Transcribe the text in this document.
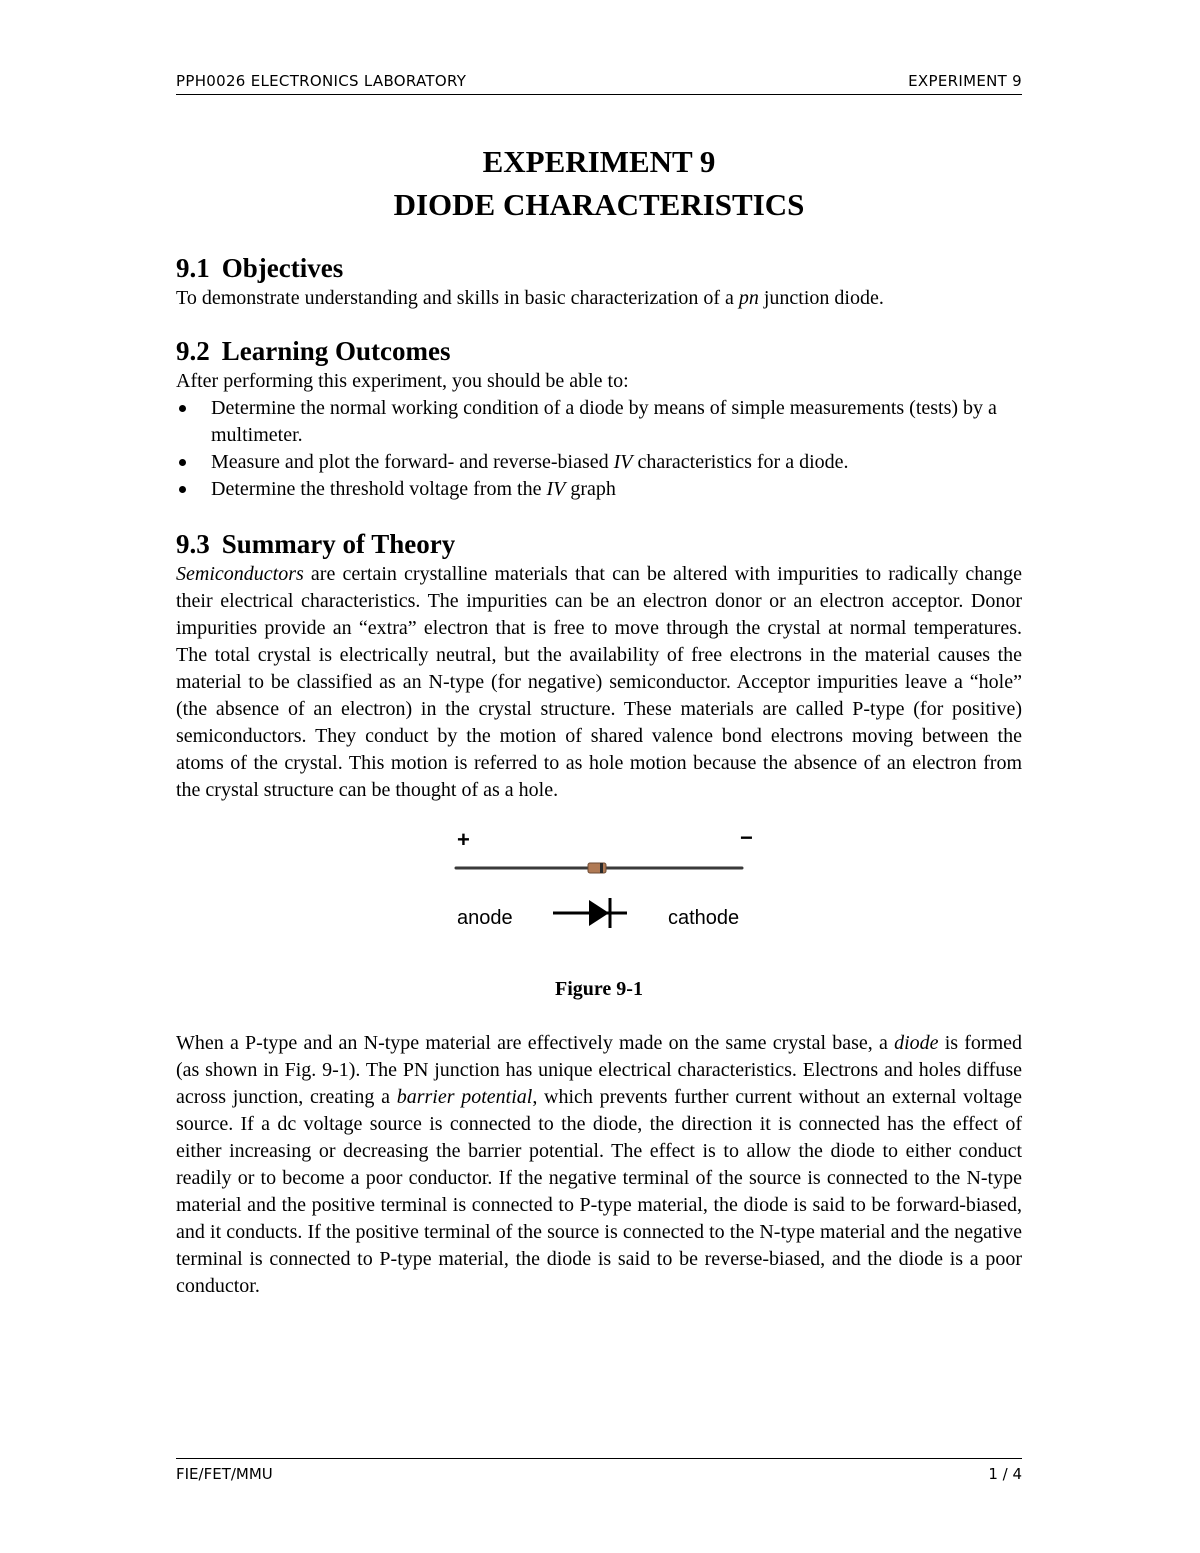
PPH0026 ELECTRONICS LABORATORY	EXPERIMENT 9
EXPERIMENT 9
DIODE CHARACTERISTICS
9.1 Objectives

To demonstrate understanding and skills in basic characterization of a pn junction diode.

9.2 Learning Outcomes

After performing this experiment, you should be able to:

Determine the normal working condition of a diode by means of simple measurements (tests) by a multimeter.
Measure and plot the forward- and reverse-biased IV characteristics for a diode.
Determine the threshold voltage from the IV graph
9.3 Summary of Theory

Semiconductors are certain crystalline materials that can be altered with impurities to radically change their electrical characteristics. The impurities can be an electron donor or an electron acceptor. Donor impurities provide an “extra” electron that is free to move through the crystal at normal temperatures. The total crystal is electrically neutral, but the availability of free electrons in the material causes the material to be classified as an N-type (for negative) semiconductor. Acceptor impurities leave a “hole” (the absence of an electron) in the crystal structure. These materials are called P-type (for positive) semiconductors. They conduct by the motion of shared valence bond electrons moving between the atoms of the crystal. This motion is referred to as hole motion because the absence of an electron from the crystal structure can be thought of as a hole.

+	−
anode	cathode
Figure 9-1

When a P-type and an N-type material are effectively made on the same crystal base, a diode is formed (as shown in Fig. 9-1). The PN junction has unique electrical characteristics. Electrons and holes diffuse across junction, creating a barrier potential, which prevents further current without an external voltage source. If a dc voltage source is connected to the diode, the direction it is connected has the effect of either increasing or decreasing the barrier potential. The effect is to allow the diode to either conduct readily or to become a poor conductor. If the negative terminal of the source is connected to the N-type material and the positive terminal is connected to P-type material, the diode is said to be forward-biased, and it conducts. If the positive terminal of the source is connected to the N-type material and the negative terminal is connected to P-type material, the diode is said to be reverse-biased, and the diode is a poor conductor.

FIE/FET/MMU	1 / 4
